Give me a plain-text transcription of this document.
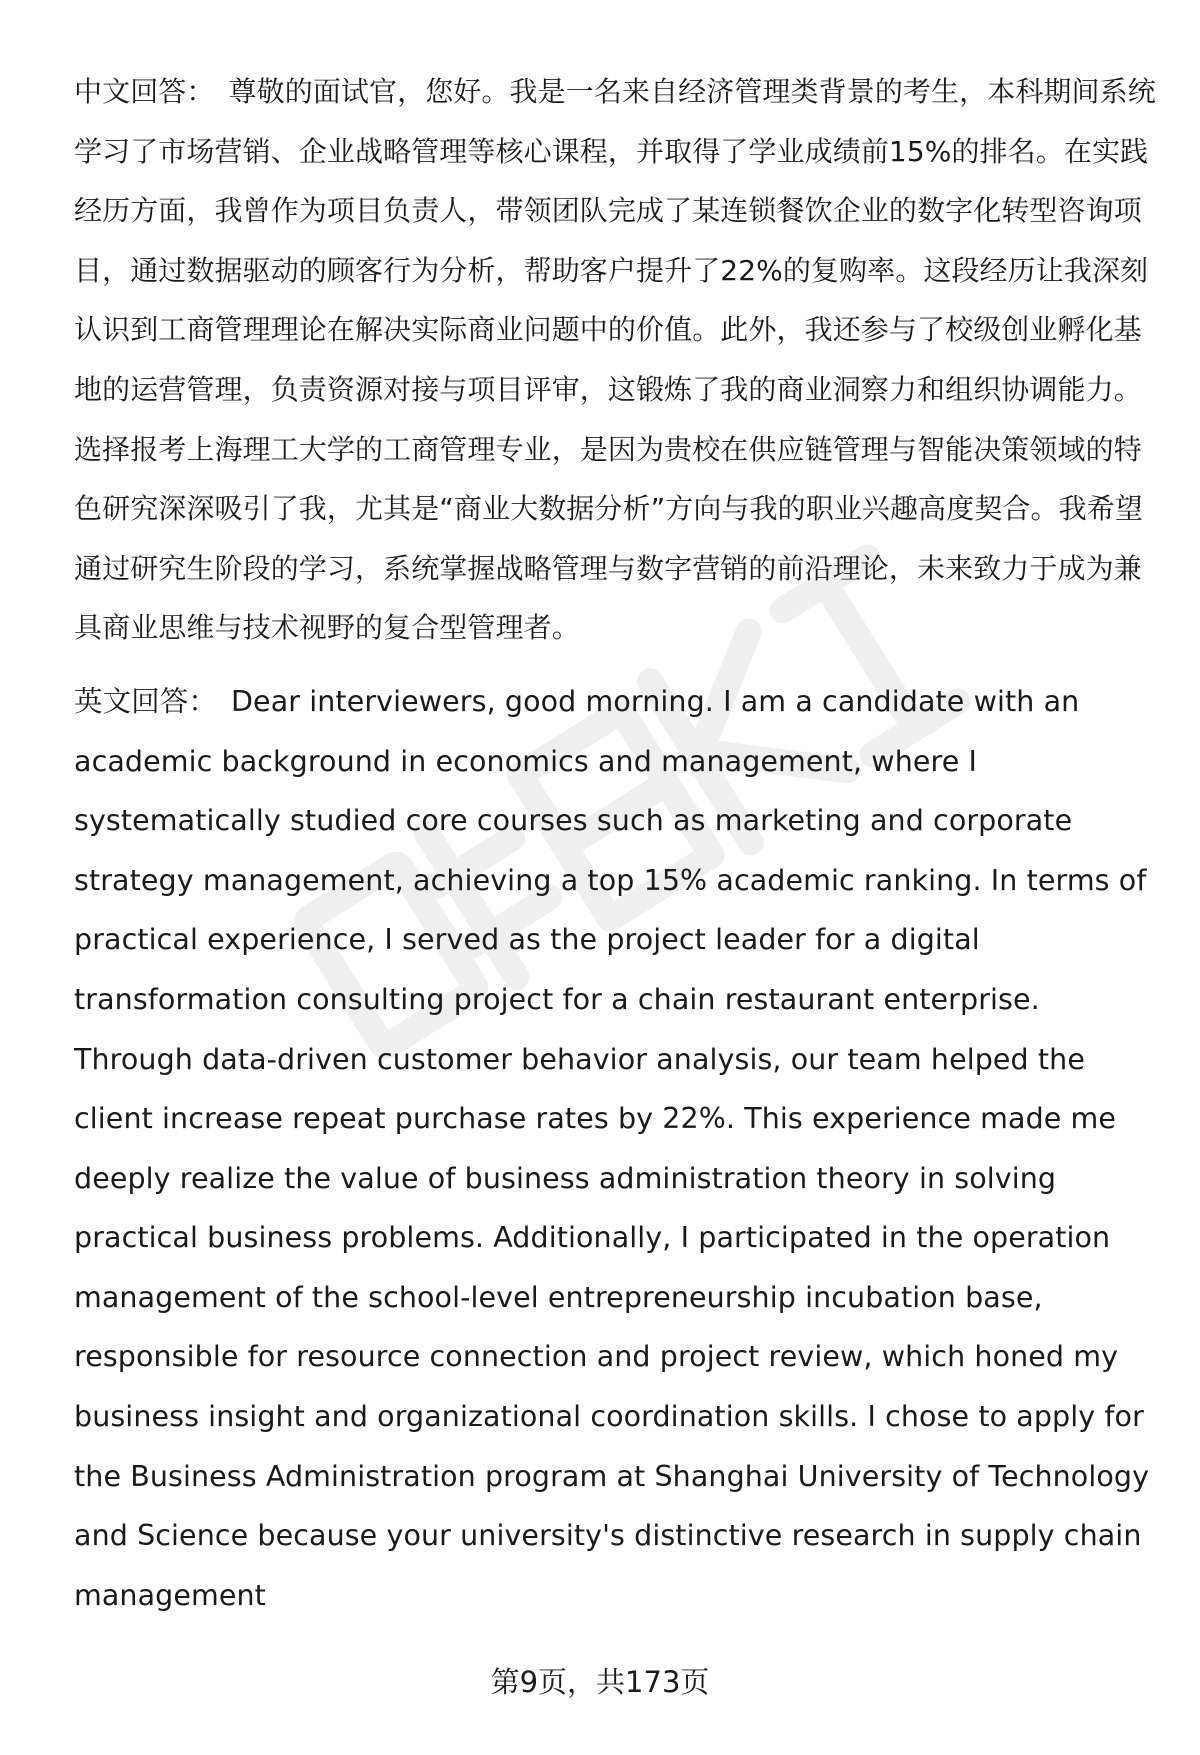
中文回答： 尊敬的面试官，您好。我是一名来自经济管理类背景的考生，本科期间系统学习了市场营销、企业战略管理等核心课程，并取得了学业成绩前15%的排名。在实践经历方面，我曾作为项目负责人，带领团队完成了某连锁餐饮企业的数字化转型咨询项目，通过数据驱动的顾客行为分析，帮助客户提升了22%的复购率。这段经历让我深刻认识到工商管理理论在解决实际商业问题中的价值。此外，我还参与了校级创业孵化基地的运营管理，负责资源对接与项目评审，这锻炼了我的商业洞察力和组织协调能力。选择报考上海理工大学的工商管理专业，是因为贵校在供应链管理与智能决策领域的特色研究深深吸引了我，尤其是“商业大数据分析”方向与我的职业兴趣高度契合。我希望通过研究生阶段的学习，系统掌握战略管理与数字营销的前沿理论，未来致力于成为兼具商业思维与技术视野的复合型管理者。

英文回答： Dear interviewers, good morning. I am a candidate with an academic background in economics and management, where I systematically studied core courses such as marketing and corporate strategy management, achieving a top 15% academic ranking. In terms of practical experience, I served as the project leader for a digital transformation consulting project for a chain restaurant enterprise. Through data-driven customer behavior analysis, our team helped the client increase repeat purchase rates by 22%. This experience made me deeply realize the value of business administration theory in solving practical business problems. Additionally, I participated in the operation management of the school-level entrepreneurship incubation base, responsible for resource connection and project review, which honed my business insight and organizational coordination skills. I chose to apply for the Business Administration program at Shanghai University of Technology and Science because your university's distinctive research in supply chain management

第9页，共173页
